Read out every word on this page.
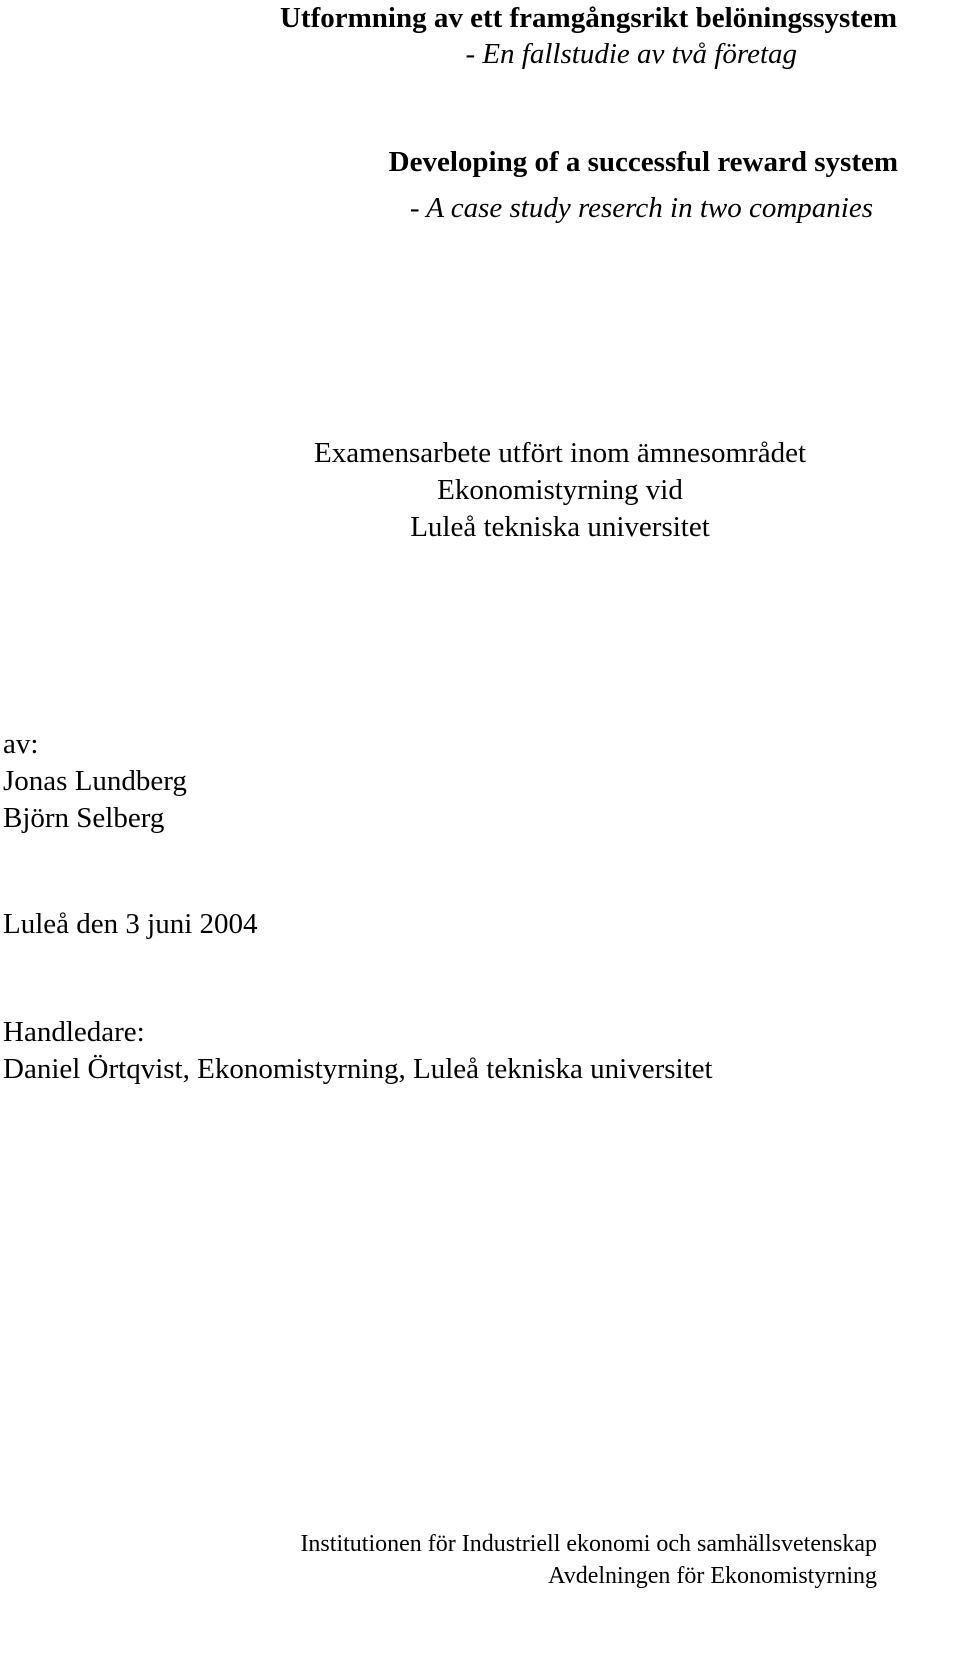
Utformning av ett framgångsrikt belöningssystem
- En fallstudie av två företag
Developing of a successful reward system
- A case study reserch in two companies
Examensarbete utfört inom ämnesområdet
Ekonomistyrning vid
Luleå tekniska universitet
av:
Jonas Lundberg
Björn Selberg
Luleå den 3 juni 2004
Handledare:
Daniel Örtqvist, Ekonomistyrning, Luleå tekniska universitet
Institutionen för Industriell ekonomi och samhällsvetenskap
Avdelningen för Ekonomistyrning
